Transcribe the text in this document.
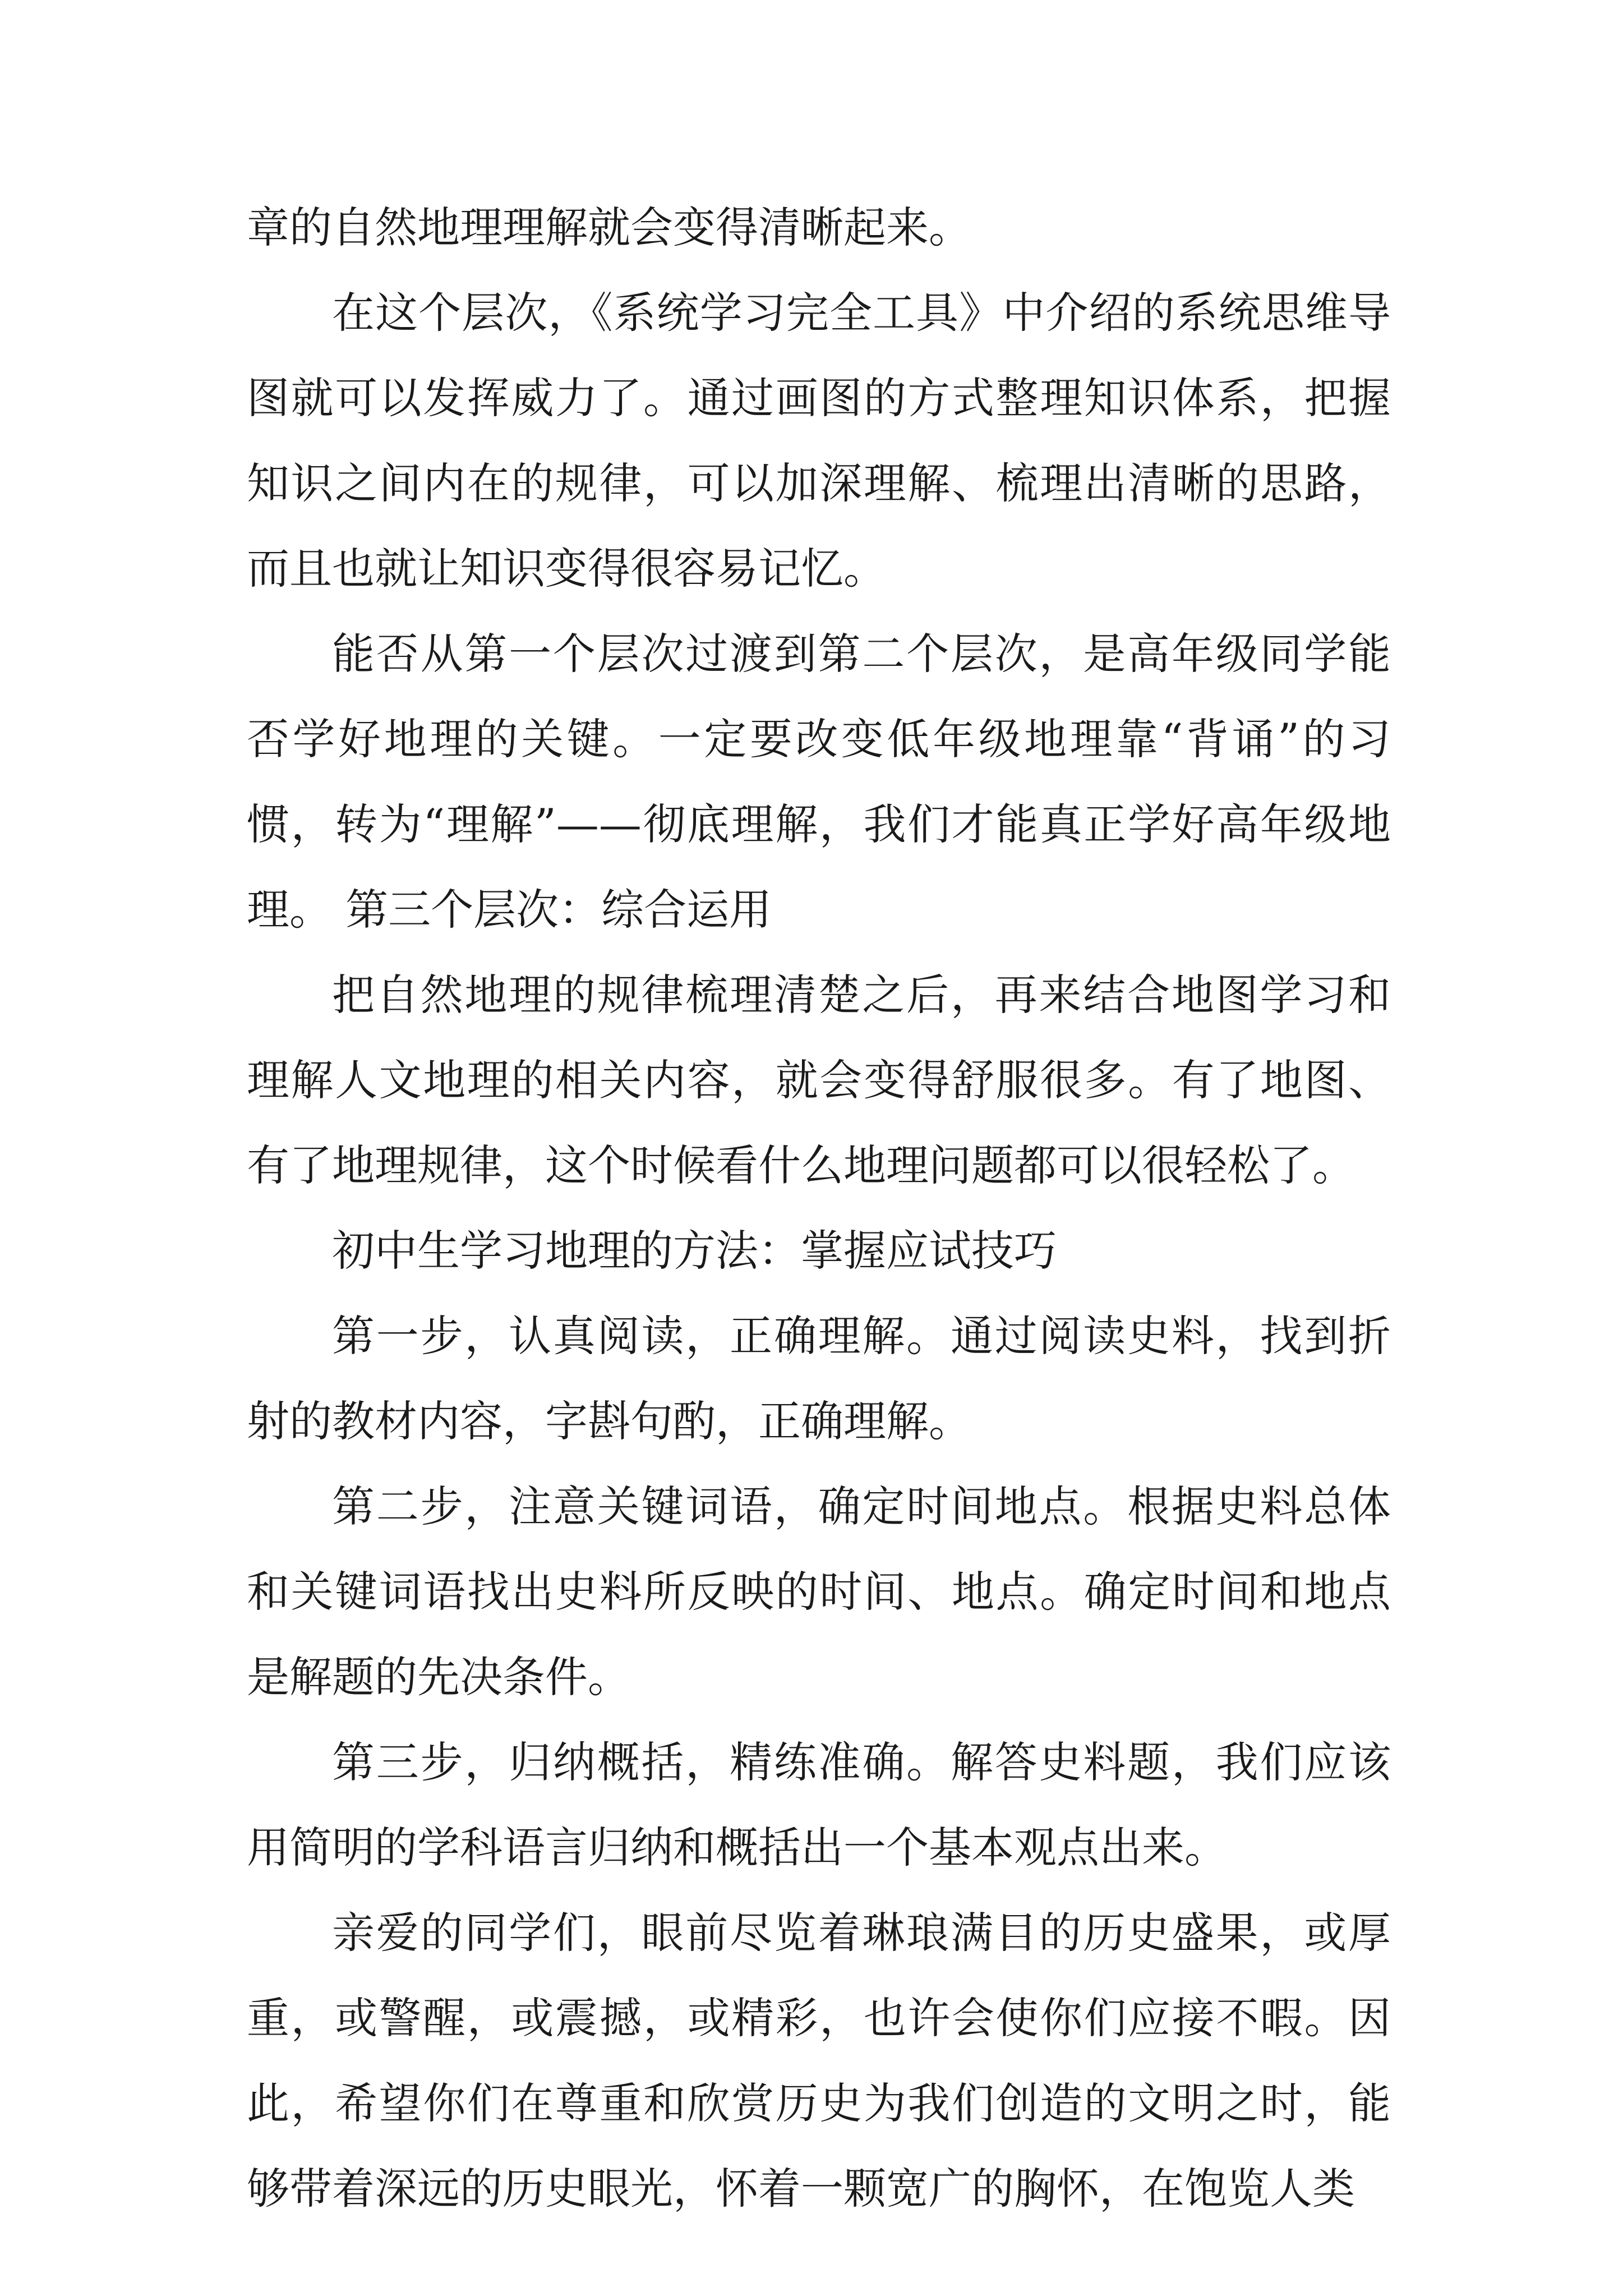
章的自然地理理解就会变得清晰起来。

在这个层次，《系统学习完全工具》中介绍的系统思维导图就可以发挥威力了。通过画图的方式整理知识体系，把握知识之间内在的规律，可以加深理解、梳理出清晰的思路，而且也就让知识变得很容易记忆。

能否从第一个层次过渡到第二个层次，是高年级同学能否学好地理的关键。一定要改变低年级地理靠“背诵”的习惯，转为“理解”——彻底理解，我们才能真正学好高年级地理。 第三个层次：综合运用

把自然地理的规律梳理清楚之后，再来结合地图学习和理解人文地理的相关内容，就会变得舒服很多。有了地图、有了地理规律，这个时候看什么地理问题都可以很轻松了。

初中生学习地理的方法：掌握应试技巧

第一步，认真阅读，正确理解。通过阅读史料，找到折射的教材内容，字斟句酌，正确理解。

第二步，注意关键词语，确定时间地点。根据史料总体和关键词语找出史料所反映的时间、地点。确定时间和地点是解题的先决条件。

第三步，归纳概括，精练准确。解答史料题，我们应该用简明的学科语言归纳和概括出一个基本观点出来。

亲爱的同学们，眼前尽览着琳琅满目的历史盛果，或厚重，或警醒，或震撼，或精彩，也许会使你们应接不暇。因此，希望你们在尊重和欣赏历史为我们创造的文明之时，能够带着深远的历史眼光，怀着一颗宽广的胸怀，在饱览人类
